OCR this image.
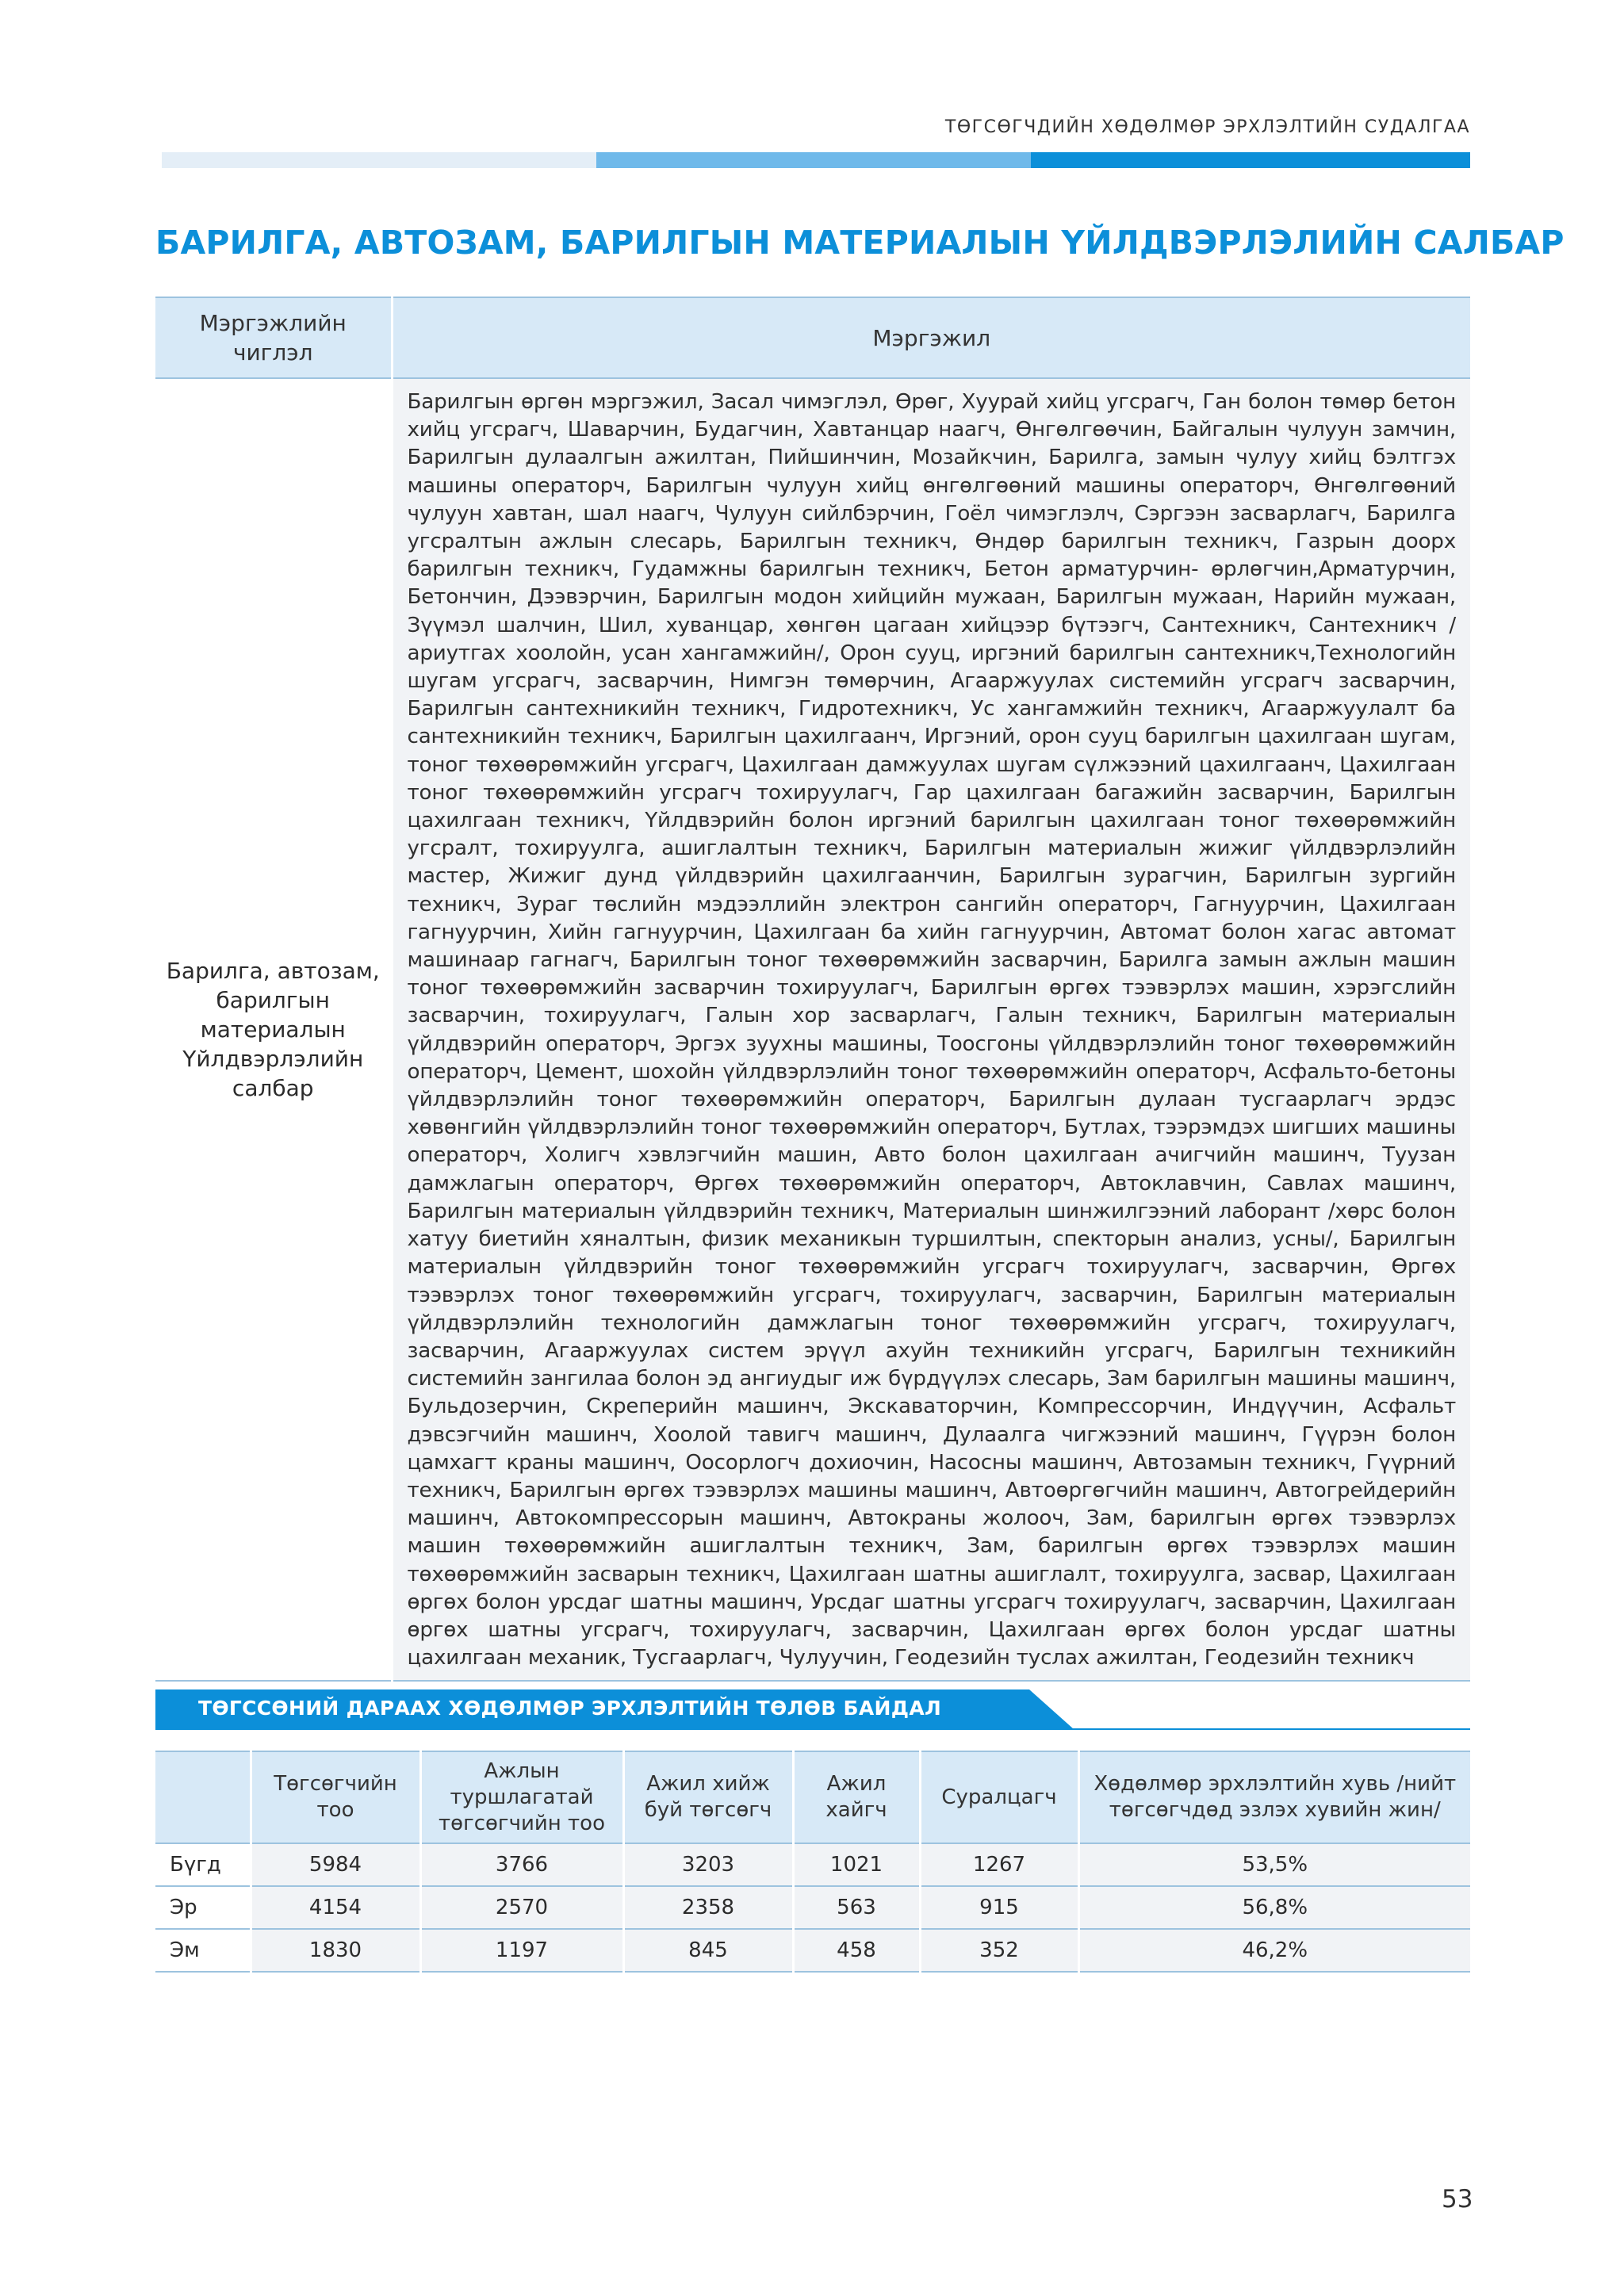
ТӨГСӨГЧДИЙН ХӨДӨЛМӨР ЭРХЛЭЛТИЙН СУДАЛГАА
БАРИЛГА, АВТОЗАМ, БАРИЛГЫН МАТЕРИАЛЫН ҮЙЛДВЭРЛЭЛИЙН САЛБАР
Мэргэжлийн чиглэл	Мэргэжил
Барилга, автозам, барилгын материалын Үйлдвэрлэлийн салбар	Барилгын өргөн мэргэжил, Засал чимэглэл, Өрөг, Хуурай хийц угсрагч, Ган болон төмөр бетон хийц угсрагч, Шаварчин, Будагчин, Хавтанцар наагч, Өнгөлгөөчин, Байгалын чулуун замчин, Барилгын дулаалгын ажилтан, Пийшинчин, Мозайкчин, Барилга, замын чулуу хийц бэлтгэх машины операторч, Барилгын чулуун хийц өнгөлгөөний машины операторч, Өнгөлгөөний чулуун хавтан, шал наагч, Чулуун сийлбэрчин, Гоёл чимэглэлч, Сэргээн засварлагч, Барилга угсралтын ажлын слесарь, Барилгын техникч, Өндөр барилгын техникч, Газрын доорх барилгын техникч, Гудамжны барилгын техникч, Бетон арматурчин- өрлөгчин,Арматурчин, Бетончин, Дээвэрчин, Барилгын модон хийцийн мужаан, Барилгын мужаан, Нарийн мужаан, Зүүмэл шалчин, Шил, хуванцар, хөнгөн цагаан хийцээр бүтээгч, Сантехникч, Сантехникч /ариутгах хоолойн, усан хангамжийн/, Орон сууц, иргэний барилгын сантехникч,Технологийн шугам угсрагч, засварчин, Нимгэн төмөрчин, Агааржуулах системийн угсрагч засварчин, Барилгын сантехникийн техникч, Гидротехникч, Ус хангамжийн техникч, Агааржуулалт ба сантехникийн техникч, Барилгын цахилгаанч, Иргэний, орон сууц барилгын цахилгаан шугам, тоног төхөөрөмжийн угсрагч, Цахилгаан дамжуулах шугам сүлжээний цахилгаанч, Цахилгаан тоног төхөөрөмжийн угсрагч тохируулагч, Гар цахилгаан багажийн засварчин, Барилгын цахилгаан техникч, Үйлдвэрийн болон иргэний барилгын цахилгаан тоног төхөөрөмжийн угсралт, тохируулга, ашиглалтын техникч, Барилгын материалын жижиг үйлдвэрлэлийн мастер, Жижиг дунд үйлдвэрийн цахилгаанчин, Барилгын зурагчин, Барилгын зургийн техникч, Зураг төслийн мэдээллийн электрон сангийн операторч, Гагнуурчин, Цахилгаан гагнуурчин, Хийн гагнуурчин, Цахилгаан ба хийн гагнуурчин, Автомат болон хагас автомат машинаар гагнагч, Барилгын тоног төхөөрөмжийн засварчин, Барилга замын ажлын машин тоног төхөөрөмжийн засварчин тохируулагч, Барилгын өргөх тээвэрлэх машин, хэрэгслийн засварчин, тохируулагч, Галын хор засварлагч, Галын техникч, Барилгын материалын үйлдвэрийн операторч, Эргэх зуухны машины, Тоосгоны үйлдвэрлэлийн тоног төхөөрөмжийн операторч, Цемент, шохойн үйлдвэрлэлийн тоног төхөөрөмжийн операторч, Асфальто-бетоны үйлдвэрлэлийн тоног төхөөрөмжийн операторч, Барилгын дулаан тусгаарлагч эрдэс хөвөнгийн үйлдвэрлэлийн тоног төхөөрөмжийн операторч, Бутлах, тээрэмдэх шигших машины операторч, Холигч хэвлэгчийн машин, Авто болон цахилгаан ачигчийн машинч, Туузан дамжлагын операторч, Өргөх төхөөрөмжийн операторч, Автоклавчин, Савлах машинч, Барилгын материалын үйлдвэрийн техникч, Материалын шинжилгээний лаборант /хөрс болон хатуу биетийн хяналтын, физик механикын туршилтын, спекторын анализ, усны/, Барилгын материалын үйлдвэрийн тоног төхөөрөмжийн угсрагч тохируулагч, засварчин, Өргөх тээвэрлэх тоног төхөөрөмжийн угсрагч, тохируулагч, засварчин, Барилгын материалын үйлдвэрлэлийн технологийн дамжлагын тоног төхөөрөмжийн угсрагч, тохируулагч, засварчин, Агааржуулах систем эрүүл ахуйн техникийн угсрагч, Барилгын техникийн системийн зангилаа болон эд ангиудыг иж бүрдүүлэх слесарь, Зам барилгын машины машинч, Бульдозерчин, Скреперийн машинч, Экскаваторчин, Компрессорчин, Индүүчин, Асфальт дэвсэгчийн машинч, Хоолой тавигч машинч, Дулаалга чигжээний машинч, Гүүрэн болон цамхагт краны машинч, Оосорлогч дохиочин, Насосны машинч, Автозамын техникч, Гүүрний техникч, Барилгын өргөх тээвэрлэх машины машинч, Автоөргөгчийн машинч, Автогрейдерийн машинч, Автокомпрессорын машинч, Автокраны жолооч, Зам, барилгын өргөх тээвэрлэх машин төхөөрөмжийн ашиглалтын техникч, Зам, барилгын өргөх тээвэрлэх машин төхөөрөмжийн засварын техникч, Цахилгаан шатны ашиглалт, тохируулга, засвар, Цахилгаан өргөх болон урсдаг шатны машинч, Урсдаг шатны угсрагч тохируулагч, засварчин, Цахилгаан өргөх шатны угсрагч, тохируулагч, засварчин, Цахилгаан өргөх болон урсдаг шатны цахилгаан механик, Тусгаарлагч, Чулуучин, Геодезийн туслах ажилтан, Геодезийн техникч
ТӨГССӨНИЙ ДАРААХ ХӨДӨЛМӨР ЭРХЛЭЛТИЙН ТӨЛӨВ БАЙДАЛ
	Төгсөгчийн тоо	Ажлын туршлагатай төгсөгчийн тоо	Ажил хийж буй төгсөгч	Ажил хайгч	Суралцагч	Хөдөлмөр эрхлэлтийн хувь /нийт төгсөгчдөд эзлэх хувийн жин/
Бүгд	5984	3766	3203	1021	1267	53,5%
Эр	4154	2570	2358	563	915	56,8%
Эм	1830	1197	845	458	352	46,2%
53
